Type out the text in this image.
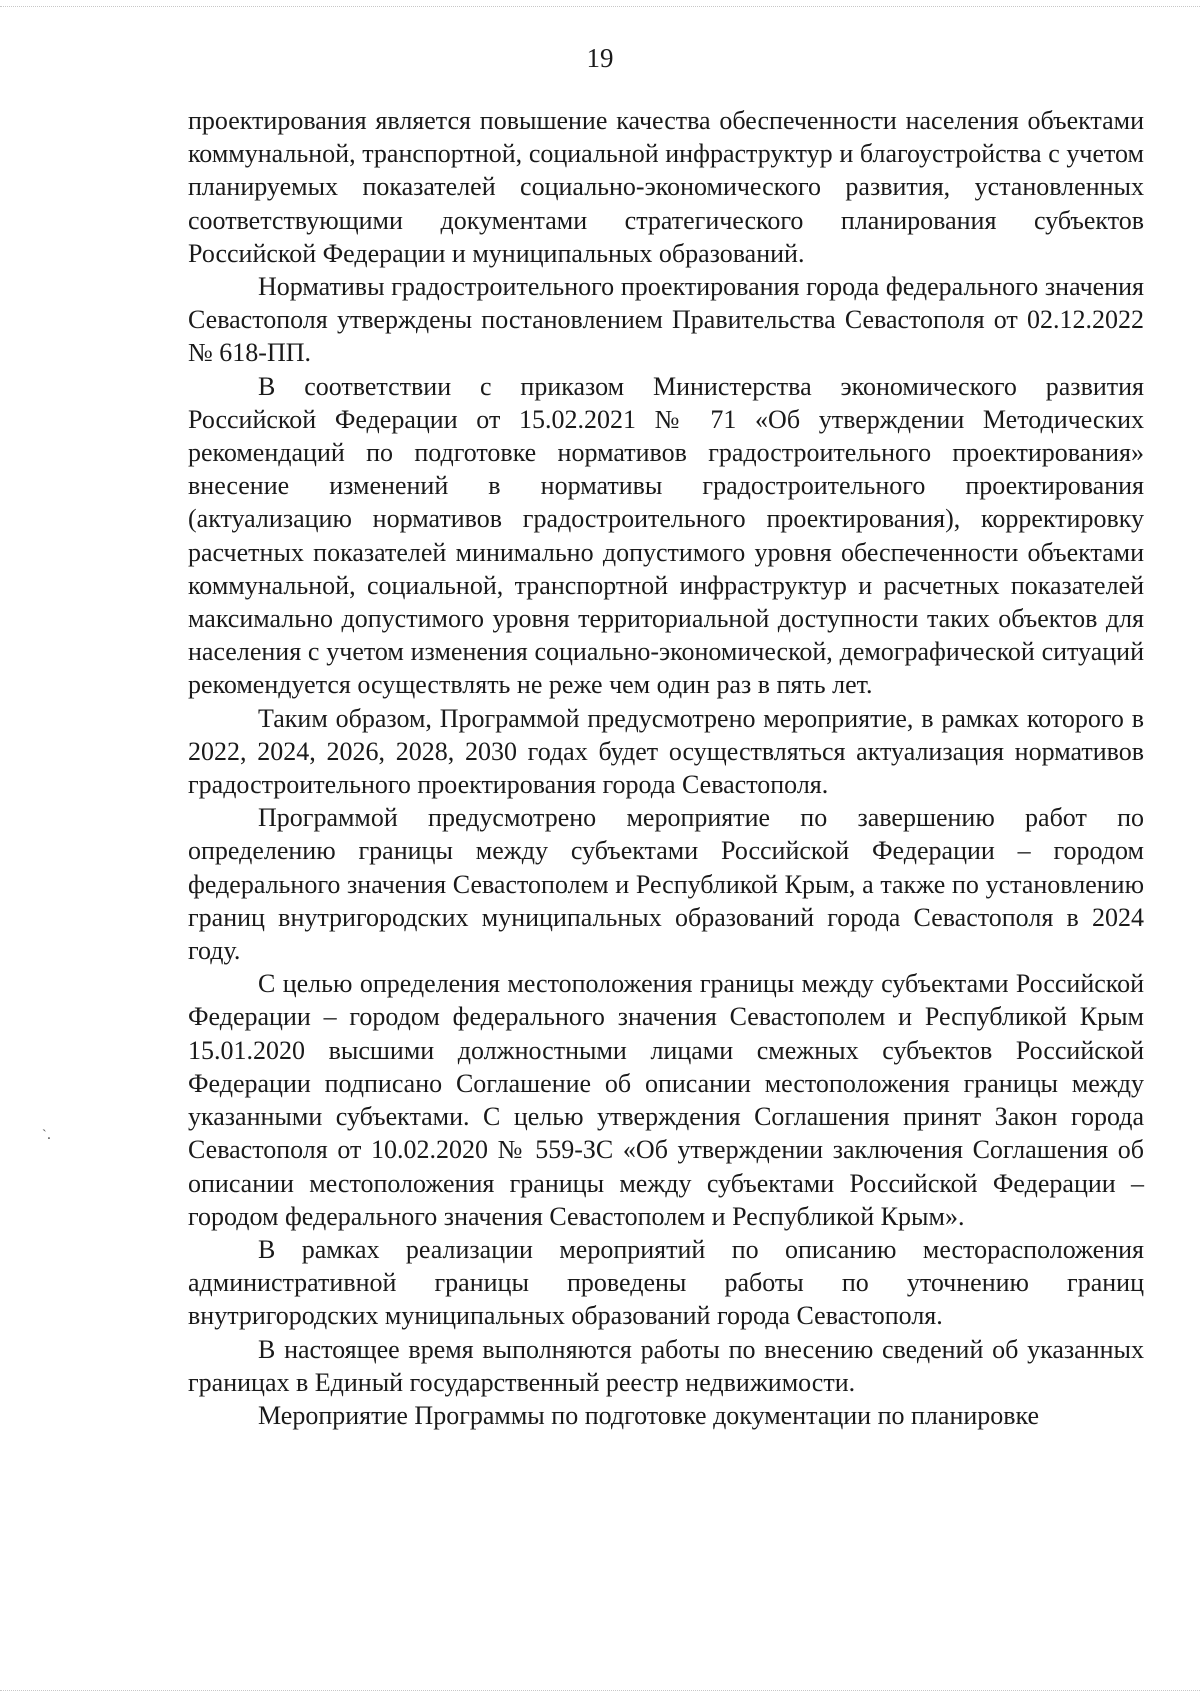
19
`․

проектирования является повышение качества обеспеченности населения объектами коммунальной, транспортной, социальной инфраструктур и благоустройства с учетом планируемых показателей социально-экономического развития, установленных соответствующими документами стратегического планирования субъектов Российской Федерации и муниципальных образований.

Нормативы градостроительного проектирования города федерального значения Севастополя утверждены постановлением Правительства Севастополя от 02.12.2022 № 618-ПП.

В соответствии с приказом Министерства экономического развития Российской Федерации от 15.02.2021 № 71 «Об утверждении Методических рекомендаций по подготовке нормативов градостроительного проектирования» внесение изменений в нормативы градостроительного проектирования (актуализацию нормативов градостроительного проектирования), корректировку расчетных показателей минимально допустимого уровня обеспеченности объектами коммунальной, социальной, транспортной инфраструктур и расчетных показателей максимально допустимого уровня территориальной доступности таких объектов для населения с учетом изменения социально-экономической, демографической ситуаций рекомендуется осуществлять не реже чем один раз в пять лет.

Таким образом, Программой предусмотрено мероприятие, в рамках которого в 2022, 2024, 2026, 2028, 2030 годах будет осуществляться актуализация нормативов градостроительного проектирования города Севастополя.

Программой предусмотрено мероприятие по завершению работ по определению границы между субъектами Российской Федерации – городом федерального значения Севастополем и Республикой Крым, а также по установлению границ внутригородских муниципальных образований города Севастополя в 2024 году.

С целью определения местоположения границы между субъектами Российской Федерации – городом федерального значения Севастополем и Республикой Крым 15.01.2020 высшими должностными лицами смежных субъектов Российской Федерации подписано Соглашение об описании местоположения границы между указанными субъектами. С целью утверждения Соглашения принят Закон города Севастополя от 10.02.2020 № 559-ЗС «Об утверждении заключения Соглашения об описании местоположения границы между субъектами Российской Федерации – городом федерального значения Севастополем и Республикой Крым».

В рамках реализации мероприятий по описанию месторасположения административной границы проведены работы по уточнению границ внутригородских муниципальных образований города Севастополя.

В настоящее время выполняются работы по внесению сведений об указанных границах в Единый государственный реестр недвижимости.

Мероприятие Программы по подготовке документации по планировке
